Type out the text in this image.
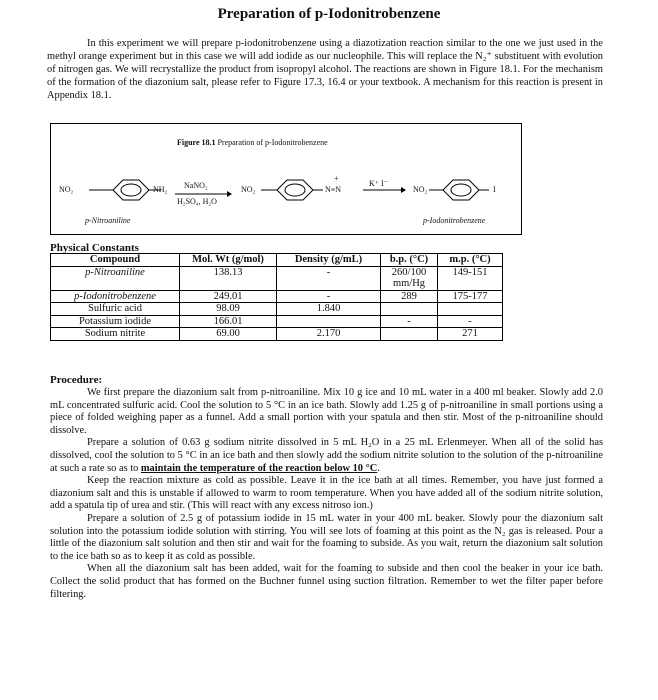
Preparation of p-Iodonitrobenzene

In this experiment we will prepare p-iodonitrobenzene using a diazotization reaction similar to the one we just used in the methyl orange experiment but in this case we will add iodide as our nucleophile. This will replace the N₂⁺ substituent with evolution of nitrogen gas. We will recrystallize the product from isopropyl alcohol. The reactions are shown in Figure 18.1. For the mechanism of the formation of the diazonium salt, please refer to Figure 17.3, 16.4 or your textbook. A mechanism for this reaction is present in Appendix 18.1.

Figure 18.1 Preparation of p-Iodonitrobenzene
NO₂	NH₂ NaNO₂
H₂SO₄, H₂O
NO₂
+
N≡N
K⁺ I⁻
NO₂	I
p-Nitroaniline	p-Iodonitrobenzene
Physical Constants
Compound	Mol. Wt (g/mol)	Density (g/mL)	b.p. (°C)	m.p. (°C)
p-Nitroaniline	138.13	-	260/100 mm/Hg	149-151
p-Iodonitrobenzene	249.01	-	289	175-177
Sulfuric acid	98.09	1.840		
Potassium iodide	166.01		-	-
Sodium nitrite	69.00	2.170		271
Procedure:

We first prepare the diazonium salt from p-nitroaniline. Mix 10 g ice and 10 mL water in a 400 ml beaker. Slowly add 2.0 mL concentrated sulfuric acid. Cool the solution to 5 °C in an ice bath. Slowly add 1.25 g of p-nitroaniline in small portions using a piece of folded weighing paper as a funnel. Add a small portion with your spatula and then stir. Most of the p-nitroaniline should dissolve.

Prepare a solution of 0.63 g sodium nitrite dissolved in 5 mL H₂O in a 25 mL Erlenmeyer. When all of the solid has dissolved, cool the solution to 5 °C in an ice bath and then slowly add the sodium nitrite solution to the solution of the p-nitroaniline at such a rate so as to maintain the temperature of the reaction below 10 °C.

Keep the reaction mixture as cold as possible. Leave it in the ice bath at all times. Remember, you have just formed a diazonium salt and this is unstable if allowed to warm to room temperature. When you have added all of the sodium nitrite solution, add a spatula tip of urea and stir. (This will react with any excess nitroso ion.)

Prepare a solution of 2.5 g of potassium iodide in 15 mL water in your 400 mL beaker. Slowly pour the diazonium salt solution into the potassium iodide solution with stirring. You will see lots of foaming at this point as the N₂ gas is released. Pour a little of the diazonium salt solution and then stir and wait for the foaming to subside. As you wait, return the diazonium salt solution to the ice bath so as to keep it as cold as possible.

When all the diazonium salt has been added, wait for the foaming to subside and then cool the beaker in your ice bath. Collect the solid product that has formed on the Buchner funnel using suction filtration. Remember to wet the filter paper before filtering.
